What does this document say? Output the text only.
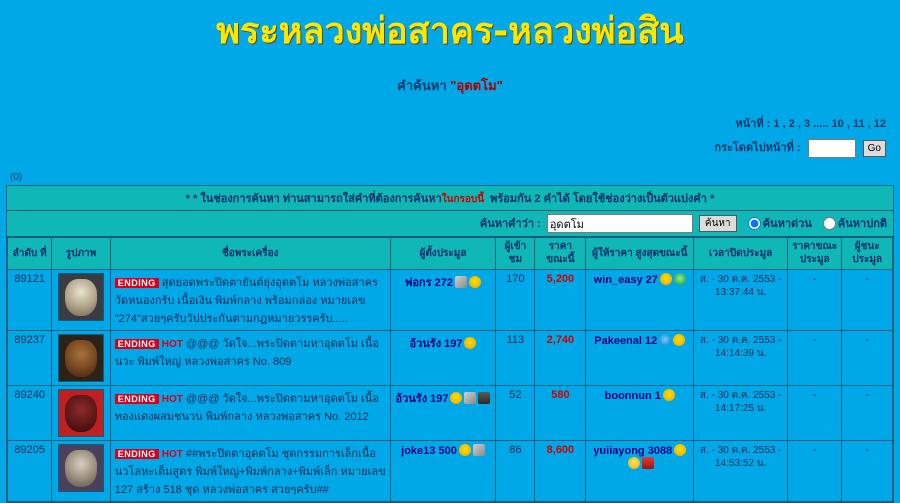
พระหลวงพ่อสาคร-หลวงพ่อสิน
คำค้นหา "อุดตโม"
หน้าที่ : 1 , 2 , 3 ..... 10 , 11 , 12
กระโดดไปหน้าที่ :	Go
(0)
* * ในช่องการค้นหา ท่านสามารถใส่คำที่ต้องการค้นหาในกรอบนี้ พร้อมกัน 2 คำได้ โดยใช้ช่องว่างเป็นตัวแบ่งคำ *
ค้นหาคำว่า : อุดตโม	ค้นหา	ค้นหาด่วน ค้นหาปกติ
ลำดับ ที่	รูปภาพ	ชื่อพระเครื่อง	ผู้ตั้งประมูล	ผู้เข้า ชม	ราคา ขณะนี้	ผู้ให้ราคา สูงสุดขณะนี้	เวลาปิดประมูล	ราคาขณะ ประมูล	ผู้ชนะ ประมูล
89121		ENDING สุดยอดพระปิดตายันต์ยุ่งอุดตโม หลวงพ่อสาคร วัดหนองกรับ เนื้อเงิน พิมพ์กลาง พร้อมกล่อง หมายเลข "274"สวยๆครับวัปประกันตามกฎหมายวรรครับ.....	พ่อกร 272	170	5,200	win_easy 27	ส. - 30 ต.ค. 2553 - 13:37:44 น.	-	-
89237		ENDING HOT @@@ วัดใจ...พระปิดตามหาอุดตโม เนื้อนวะ พิมพ์ใหญ่ หลวงพ่อสาคร No. 809	อ้วนรัง 197	113	2,740	Pakeenal 12	ส. - 30 ต.ค. 2553 - 14:14:39 น.	-	-
89240		ENDING HOT @@@ วัดใจ...พระปิดตามหาอุดตโม เนื้อทองแดงผสมชนวน พิมพ์กลาง หลวงพ่อสาคร No. 2012	อ้วนรัง 197	52	580	boonnun 1	ส. - 30 ต.ค. 2553 - 14:17:25 น.	-	-
89205		ENDING HOT ##พระปิดตาอุดตโม ชุดกรรมการเล็กเนื้อนวโลหะเต็มสูตร พิมพ์ใหญ่+พิมพ์กลาง+พิมพ์เล็ก หมายเลข 127 สร้าง 518 ชุด หลวงพ่อสาคร สวยๆครับ##	joke13 500	86	8,600	yuiiayong 3088	ส. - 30 ต.ค. 2553 - 14:53:52 น.	-	-
